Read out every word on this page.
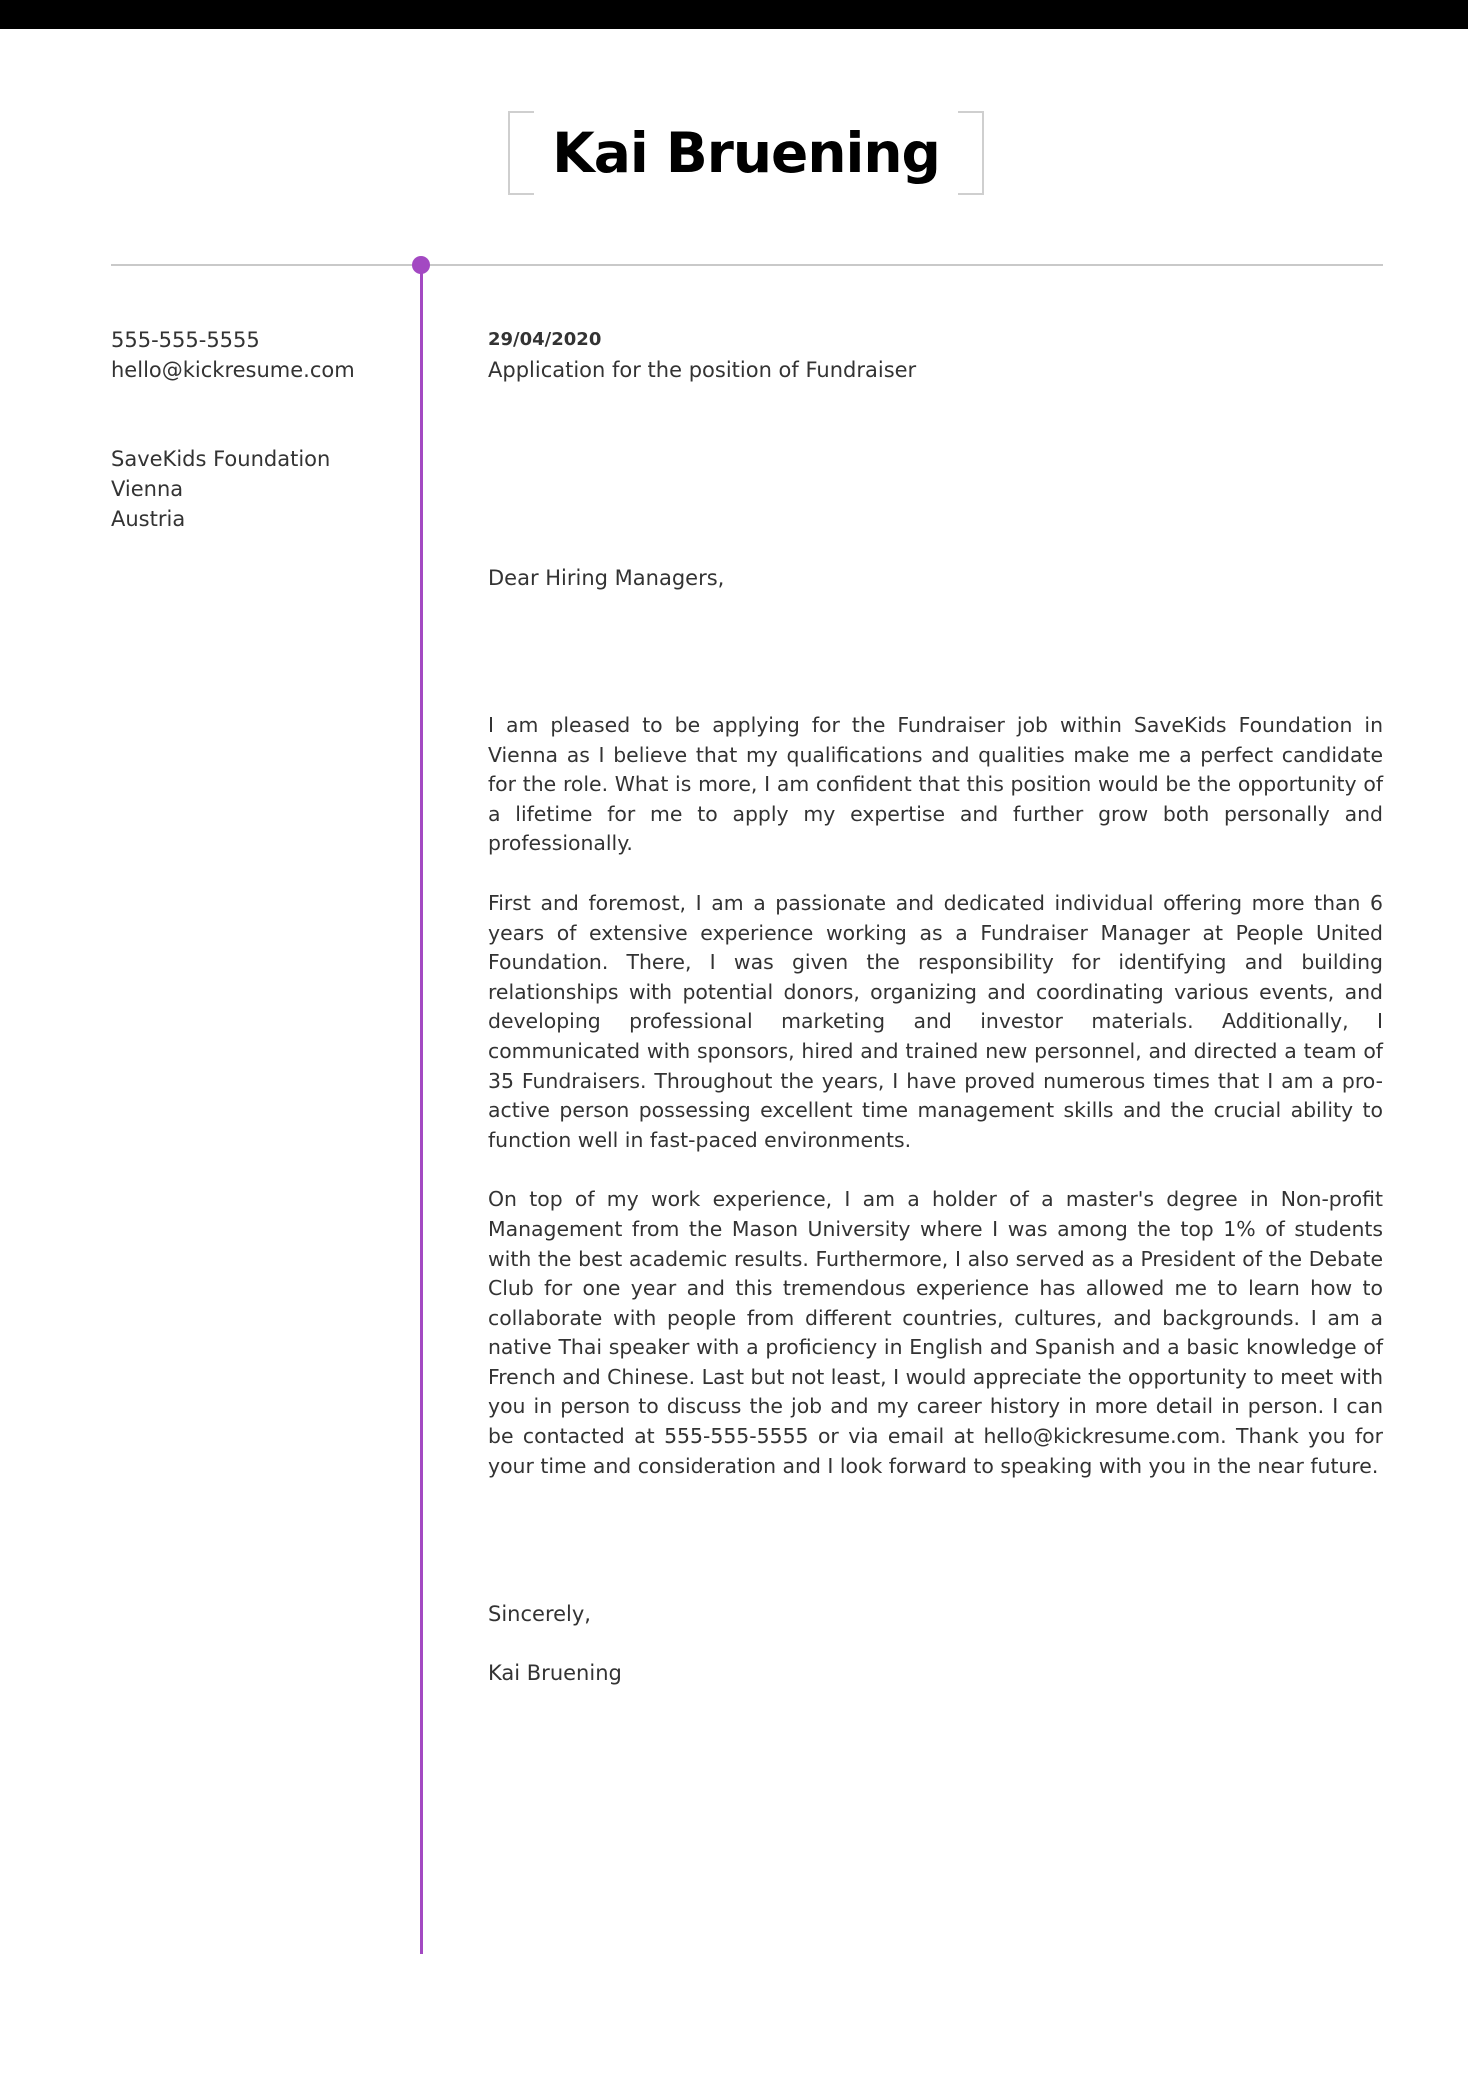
Kai Bruening
555-555-5555
hello@kickresume.com
SaveKids Foundation
Vienna
Austria
29/04/2020
Application for the position of Fundraiser
Dear Hiring Managers,

I am pleased to be applying for the Fundraiser job within SaveKids Foundation in Vienna as I believe that my qualifications and qualities make me a perfect candidate for the role. What is more, I am confident that this position would be the opportunity of a lifetime for me to apply my expertise and further grow both personally and professionally.

First and foremost, I am a passionate and dedicated individual offering more than 6 years of extensive experience working as a Fundraiser Manager at People United Foundation. There, I was given the responsibility for identifying and building relationships with potential donors, organizing and coordinating various events, and developing professional marketing and investor materials. Additionally, I communicated with sponsors, hired and trained new personnel, and directed a team of 35 Fundraisers. Throughout the years, I have proved numerous times that I am a pro-active person possessing excellent time management skills and the crucial ability to function well in fast-paced environments.

On top of my work experience, I am a holder of a master's degree in Non-profit Management from the Mason University where I was among the top 1% of students with the best academic results. Furthermore, I also served as a President of the Debate Club for one year and this tremendous experience has allowed me to learn how to collaborate with people from different countries, cultures, and backgrounds. I am a native Thai speaker with a proficiency in English and Spanish and a basic knowledge of French and Chinese. Last but not least, I would appreciate the opportunity to meet with you in person to discuss the job and my career history in more detail in person. I can be contacted at 555-555-5555 or via email at hello@kickresume.com. Thank you for your time and consideration and I look forward to speaking with you in the near future.

Sincerely,
Kai Bruening
